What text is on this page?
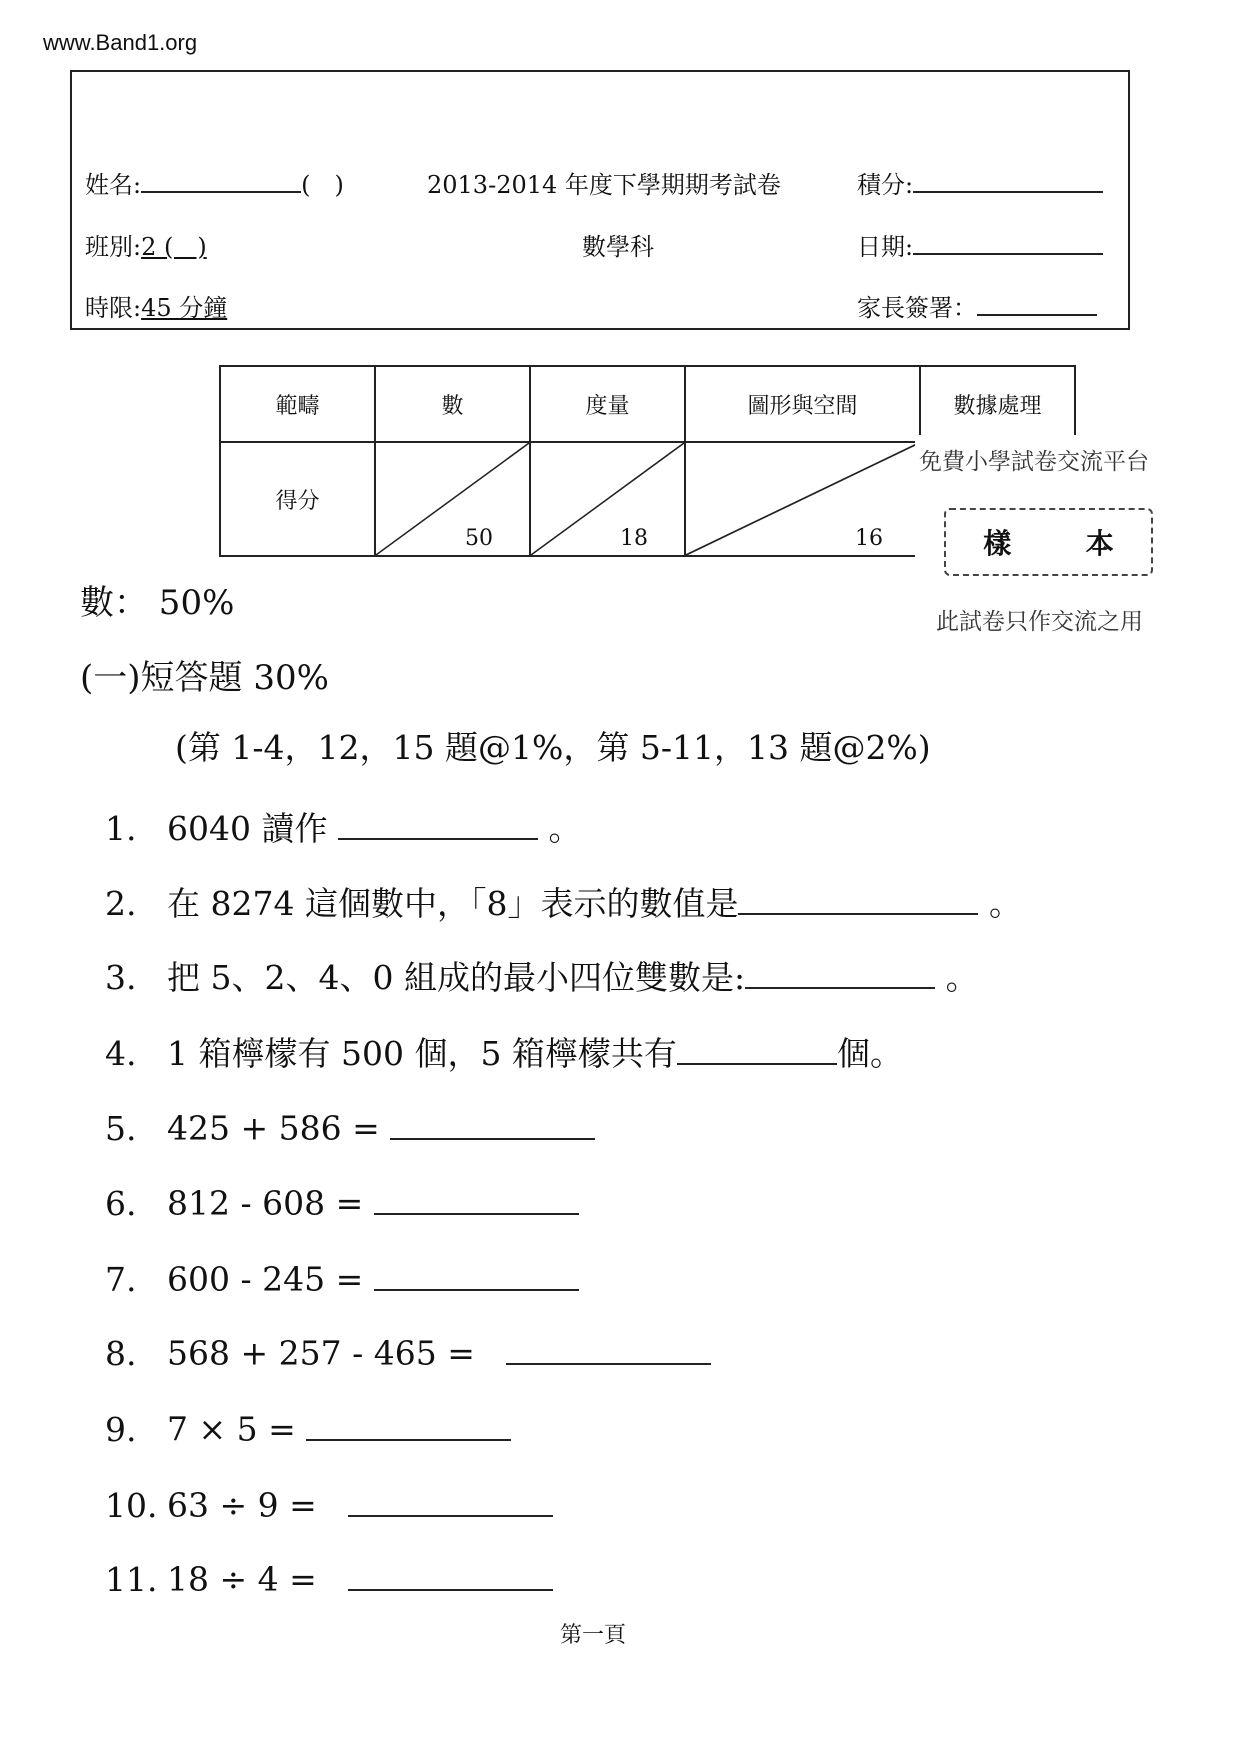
www.Band1.org
姓名:	(　)	2013-2014 年度下學期期考試卷	積分:
班別:2 (　)	數學科	日期:
時限:45 分鐘	家長簽署：
範疇	數	度量	圖形與空間	數據處理
得分	50	18	16

免費小學試卷交流平台
樣	本
此試卷只作交流之用
數： 50%
(一)短答題 30%
(第 1-4，12，15 題@1%，第 5-11，13 題@2%)
1. 6040 讀作	。
2. 在 8274 這個數中，「8」表示的數值是	。
3. 把 5、2、4、0 組成的最小四位雙數是:	。
4. 1 箱檸檬有 500 個，5 箱檸檬共有	個。
5. 425 + 586 =
6. 812 - 608 =
7. 600 - 245 =
8. 568 + 257 - 465 =
9. 7 × 5 =
10. 63 ÷ 9 =
11. 18 ÷ 4 =
第一頁
